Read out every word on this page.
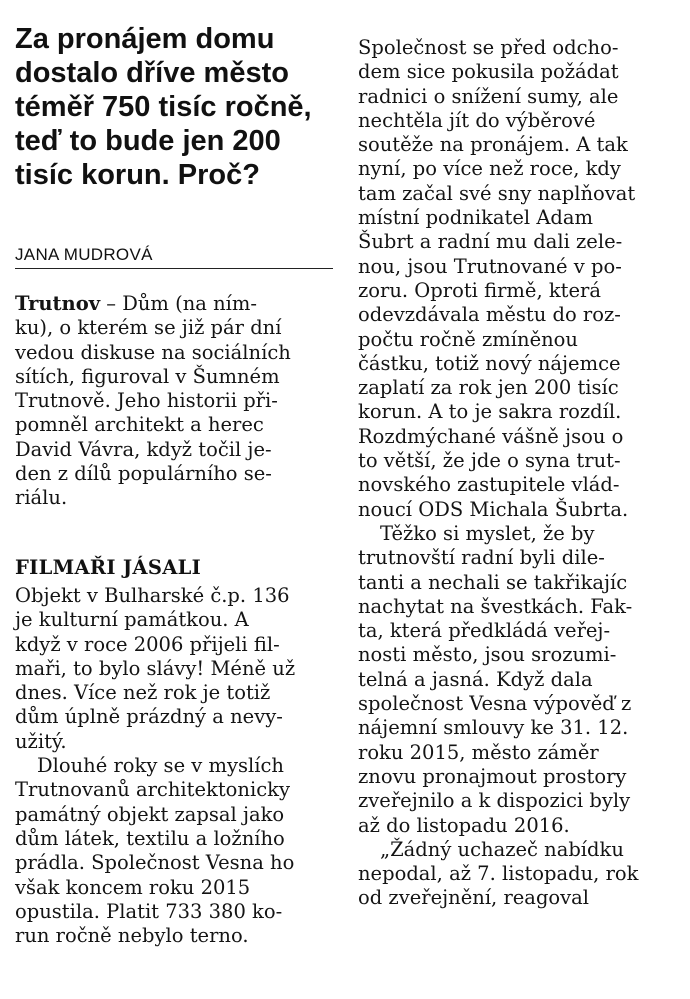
Za pronájem domu
dostalo dříve město
téměř 750 tisíc ročně,
teď to bude jen 200
tisíc korun. Proč?
JANA MUDROVÁ
Trutnov – Dům (na ním-
ku), o kterém se již pár dní
vedou diskuse na sociálních
sítích, figuroval v Šumném
Trutnově. Jeho historii při-
pomněl architekt a herec
David Vávra, když točil je-
den z dílů populárního se-
riálu.
FILMAŘI JÁSALI
Objekt v Bulharské č.p. 136
je kulturní památkou. A
když v roce 2006 přijeli fil-
maři, to bylo slávy! Méně už
dnes. Více než rok je totiž
dům úplně prázdný a nevy-
užitý.
Dlouhé roky se v myslích
Trutnovanů architektonicky
památný objekt zapsal jako
dům látek, textilu a ložního
prádla. Společnost Vesna ho
však koncem roku 2015
opustila. Platit 733 380 ko-
run ročně nebylo terno.
Společnost se před odcho-
dem sice pokusila požádat
radnici o snížení sumy, ale
nechtěla jít do výběrové
soutěže na pronájem. A tak
nyní, po více než roce, kdy
tam začal své sny naplňovat
místní podnikatel Adam
Šubrt a radní mu dali zele-
nou, jsou Trutnované v po-
zoru. Oproti firmě, která
odevzdávala městu do roz-
počtu ročně zmíněnou
částku, totiž nový nájemce
zaplatí za rok jen 200 tisíc
korun. A to je sakra rozdíl.
Rozdmýchané vášně jsou o
to větší, že jde o syna trut-
novského zastupitele vlád-
noucí ODS Michala Šubrta.
Těžko si myslet, že by
trutnovští radní byli dile-
tanti a nechali se takřikajíc
nachytat na švestkách. Fak-
ta, která předkládá veřej-
nosti město, jsou srozumi-
telná a jasná. Když dala
společnost Vesna výpověď z
nájemní smlouvy ke 31. 12.
roku 2015, město záměr
znovu pronajmout prostory
zveřejnilo a k dispozici byly
až do listopadu 2016.
„Žádný uchazeč nabídku
nepodal, až 7. listopadu, rok
od zveřejnění, reagoval
